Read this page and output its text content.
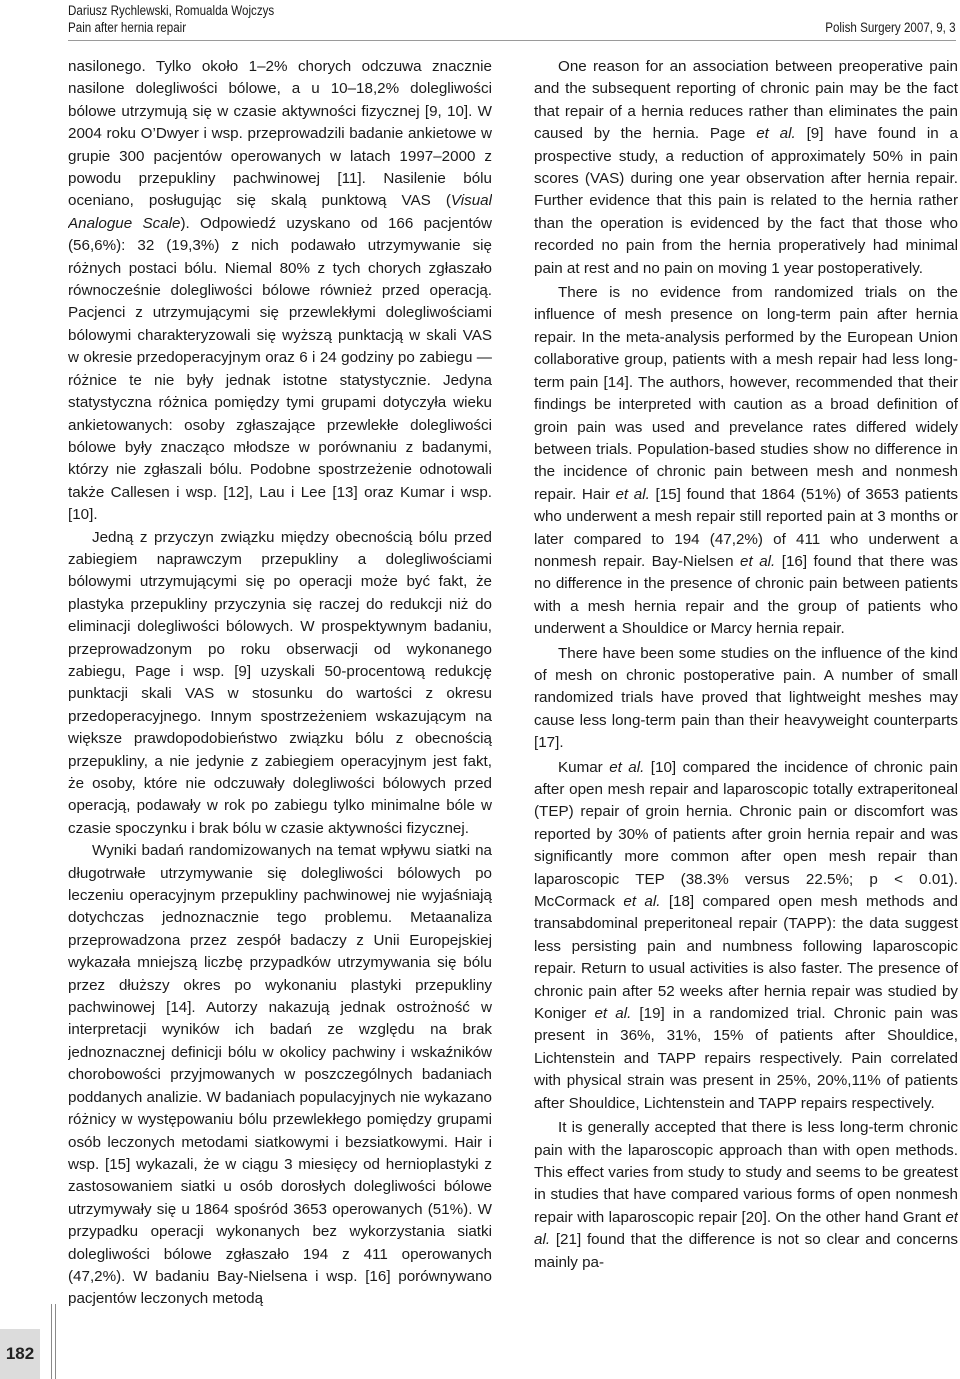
Dariusz Rychlewski, Romualda Wojczys
Pain after hernia repair	Polish Surgery 2007, 9, 3

nasilonego. Tylko około 1–2% chorych odczuwa znacznie nasilone dolegliwości bólowe, a u 10–18,2% dolegliwości bólowe utrzymują się w czasie aktywności fizycznej [9, 10]. W 2004 roku O’Dwyer i wsp. przeprowadzili badanie ankietowe w grupie 300 pacjentów operowanych w latach 1997–2000 z powodu przepukliny pachwinowej [11]. Nasilenie bólu oceniano, posługując się skalą punktową VAS (Visual Analogue Scale). Odpowiedź uzyskano od 166 pacjentów (56,6%): 32 (19,3%) z nich podawało utrzymywanie się różnych postaci bólu. Niemal 80% z tych chorych zgłaszało równocześnie dolegliwości bólowe również przed operacją. Pacjenci z utrzymującymi się przewlekłymi dolegliwościami bólowymi charakteryzowali się wyższą punktacją w skali VAS w okresie przedoperacyjnym oraz 6 i 24 godziny po zabiegu — różnice te nie były jednak istotne statystycznie. Jedyna statystyczna różnica pomiędzy tymi grupami dotyczyła wieku ankietowanych: osoby zgłaszające przewlekłe dolegliwości bólowe były znacząco młodsze w porównaniu z badanymi, którzy nie zgłaszali bólu. Podobne spostrzeżenie odnotowali także Callesen i wsp. [12], Lau i Lee [13] oraz Kumar i wsp. [10].

Jedną z przyczyn związku między obecnością bólu przed zabiegiem naprawczym przepukliny a dolegliwościami bólowymi utrzymującymi się po operacji może być fakt, że plastyka przepukliny przyczynia się raczej do redukcji niż do eliminacji dolegliwości bólowych. W prospektywnym badaniu, przeprowadzonym po roku obserwacji od wykonanego zabiegu, Page i wsp. [9] uzyskali 50-procentową redukcję punktacji skali VAS w stosunku do wartości z okresu przedoperacyjnego. Innym spostrzeżeniem wskazującym na większe prawdopodobieństwo związku bólu z obecnością przepukliny, a nie jedynie z zabiegiem operacyjnym jest fakt, że osoby, które nie odczuwały dolegliwości bólowych przed operacją, podawały w rok po zabiegu tylko minimalne bóle w czasie spoczynku i brak bólu w czasie aktywności fizycznej.

Wyniki badań randomizowanych na temat wpływu siatki na długotrwałe utrzymywanie się dolegliwości bólowych po leczeniu operacyjnym przepukliny pachwinowej nie wyjaśniają dotychczas jednoznacznie tego problemu. Metaanaliza przeprowadzona przez zespół badaczy z Unii Europejskiej wykazała mniejszą liczbę przypadków utrzymywania się bólu przez dłuższy okres po wykonaniu plastyki przepukliny pachwinowej [14]. Autorzy nakazują jednak ostrożność w interpretacji wyników ich badań ze względu na brak jednoznacznej definicji bólu w okolicy pachwiny i wskaźników chorobowości przyjmowanych w poszczególnych badaniach poddanych analizie. W badaniach populacyjnych nie wykazano różnicy w występowaniu bólu przewlekłego pomiędzy grupami osób leczonych metodami siatkowymi i bezsiatkowymi. Hair i wsp. [15] wykazali, że w ciągu 3 miesięcy od hernioplastyki z zastosowaniem siatki u osób dorosłych dolegliwości bólowe utrzymywały się u 1864 spośród 3653 operowanych (51%). W przypadku operacji wykonanych bez wykorzystania siatki dolegliwości bólowe zgłaszało 194 z 411 operowanych (47,2%). W badaniu Bay-Nielsena i wsp. [16] porównywano pacjentów leczonych metodą

One reason for an association between preoperative pain and the subsequent reporting of chronic pain may be the fact that repair of a hernia reduces rather than eliminates the pain caused by the hernia. Page et al. [9] have found in a prospective study, a reduction of approximately 50% in pain scores (VAS) during one year observation after hernia repair. Further evidence that this pain is related to the hernia rather than the operation is evidenced by the fact that those who recorded no pain from the hernia properatively had minimal pain at rest and no pain on moving 1 year postoperatively.

There is no evidence from randomized trials on the influence of mesh presence on long-term pain after hernia repair. In the meta-analysis performed by the European Union collaborative group, patients with a mesh repair had less long-term pain [14]. The authors, however, recommended that their findings be interpreted with caution as a broad definition of groin pain was used and prevelance rates differed widely between trials. Population-based studies show no difference in the incidence of chronic pain between mesh and nonmesh repair. Hair et al. [15] found that 1864 (51%) of 3653 patients who underwent a mesh repair still reported pain at 3 months or later compared to 194 (47,2%) of 411 who underwent a nonmesh repair. Bay-Nielsen et al. [16] found that there was no difference in the presence of chronic pain between patients with a mesh hernia repair and the group of patients who underwent a Shouldice or Marcy hernia repair.

There have been some studies on the influence of the kind of mesh on chronic postoperative pain. A number of small randomized trials have proved that lightweight meshes may cause less long-term pain than their heavyweight counterparts [17].

Kumar et al. [10] compared the incidence of chronic pain after open mesh repair and laparoscopic totally extraperitoneal (TEP) repair of groin hernia. Chronic pain or discomfort was reported by 30% of patients after groin hernia repair and was significantly more common after open mesh repair than laparoscopic TEP (38.3% versus 22.5%; p < 0.01). McCormack et al. [18] compared open mesh methods and transabdominal preperitoneal repair (TAPP): the data suggest less persisting pain and numbness following laparoscopic repair. Return to usual activities is also faster. The presence of chronic pain after 52 weeks after hernia repair was studied by Koniger et al. [19] in a randomized trial. Chronic pain was present in 36%, 31%, 15% of patients after Shouldice, Lichtenstein and TAPP repairs respectively. Pain correlated with physical strain was present in 25%, 20%,11% of patients after Shouldice, Lichtenstein and TAPP repairs respectively.

It is generally accepted that there is less long-term chronic pain with the laparoscopic approach than with open methods. This effect varies from study to study and seems to be greatest in studies that have compared various forms of open nonmesh repair with laparoscopic repair [20]. On the other hand Grant et al. [21] found that the difference is not so clear and concerns mainly pa-

182
